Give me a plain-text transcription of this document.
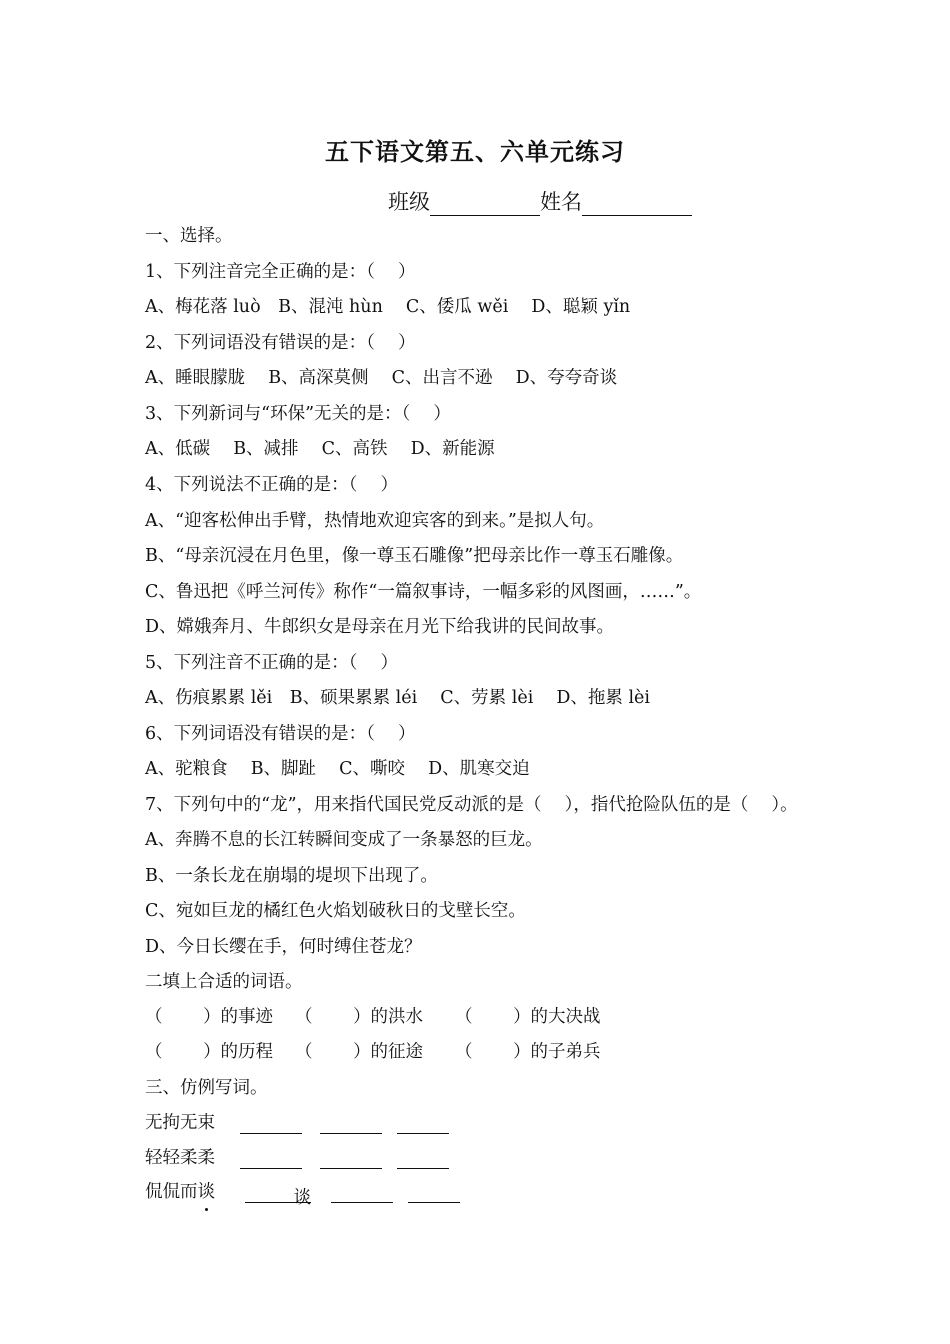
五下语文第五、六单元练习
班级	姓名
一、选择。
1、下列注音完全正确的是：（　 ）
A、梅花落 luò　B、混沌 hùn　 C、倭瓜 wěi　 D、聪颖 yǐn
2、下列词语没有错误的是：（　 ）
A、睡眼朦胧　 B、高深莫侧　 C、出言不逊　 D、夸夸奇谈
3、下列新词与“环保”无关的是：（　 ）
A、低碳　 B、减排　 C、高铁　 D、新能源
4、下列说法不正确的是：（　 ）
A、“迎客松伸出手臂，热情地欢迎宾客的到来。”是拟人句。
B、“母亲沉浸在月色里，像一尊玉石雕像”把母亲比作一尊玉石雕像。
C、鲁迅把《呼兰河传》称作“一篇叙事诗，一幅多彩的风图画，……”。
D、嫦娥奔月、牛郎织女是母亲在月光下给我讲的民间故事。
5、下列注音不正确的是：（　 ）
A、伤痕累累 lěi　B、硕果累累 léi　 C、劳累 lèi　 D、拖累 lèi
6、下列词语没有错误的是：（　 ）
A、驼粮食　 B、脚趾　 C、嘶咬　 D、肌寒交迫
7、下列句中的“龙”，用来指代国民党反动派的是（　 ），指代抢险队伍的是（　 ）。
A、奔腾不息的长江转瞬间变成了一条暴怒的巨龙。
B、一条长龙在崩塌的堤坝下出现了。
C、宛如巨龙的橘红色火焰划破秋日的戈壁长空。
D、今日长缨在手，何时缚住苍龙？
二填上合适的词语。
（　　 ）的事迹 （　　 ）的洪水 （　　 ）的大决战
（　　 ）的历程 （　　 ）的征途 （　　 ）的子弟兵
三、仿例写词。
无拘无束
轻轻柔柔
侃侃而谈	谈
